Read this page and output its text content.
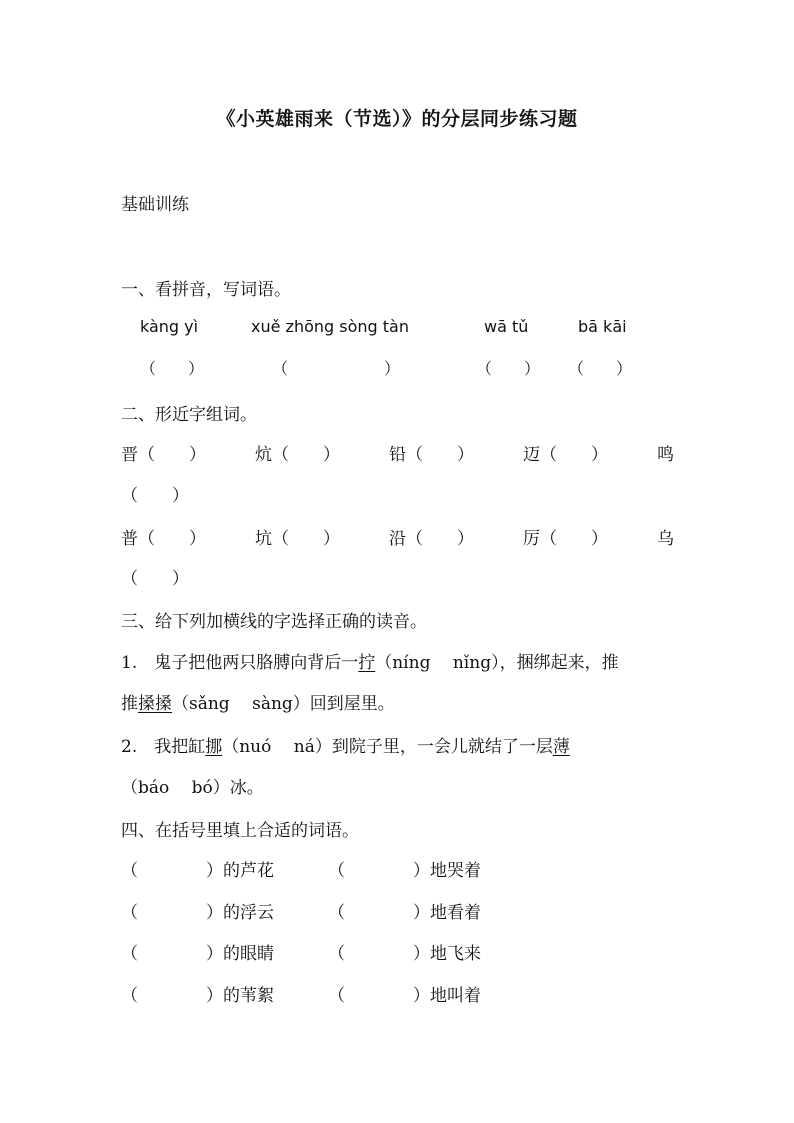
《小英雄雨来（节选）》的分层同步练习题
基础训练
一、看拼音，写词语。
kàng yì	xuě zhōng sòng tàn	wā tǔ	bā kāi
（　　）	（　　　　　　）	（　　） （　　）
二、形近字组词。
晋（　　）	炕（　　）	铅（　　）	迈（　　）	鸣
（　　）
普（　　）	坑（　　）	沿（　　）	厉（　　）	乌
（　　）
三、给下列加横线的字选择正确的读音。
1.　鬼子把他两只胳膊向背后一拧（níng　 nǐng），捆绑起来，推
推搡搡（sǎng　 sàng）回到屋里。
2.　我把缸挪（nuó　 ná）到院子里，一会儿就结了一层薄
（báo　 bó）冰。
四、在括号里填上合适的词语。
（　　　　）的芦花	（　　　　）地哭着
（　　　　）的浮云	（　　　　）地看着
（　　　　）的眼睛	（　　　　）地飞来
（　　　　）的苇絮	（　　　　）地叫着
